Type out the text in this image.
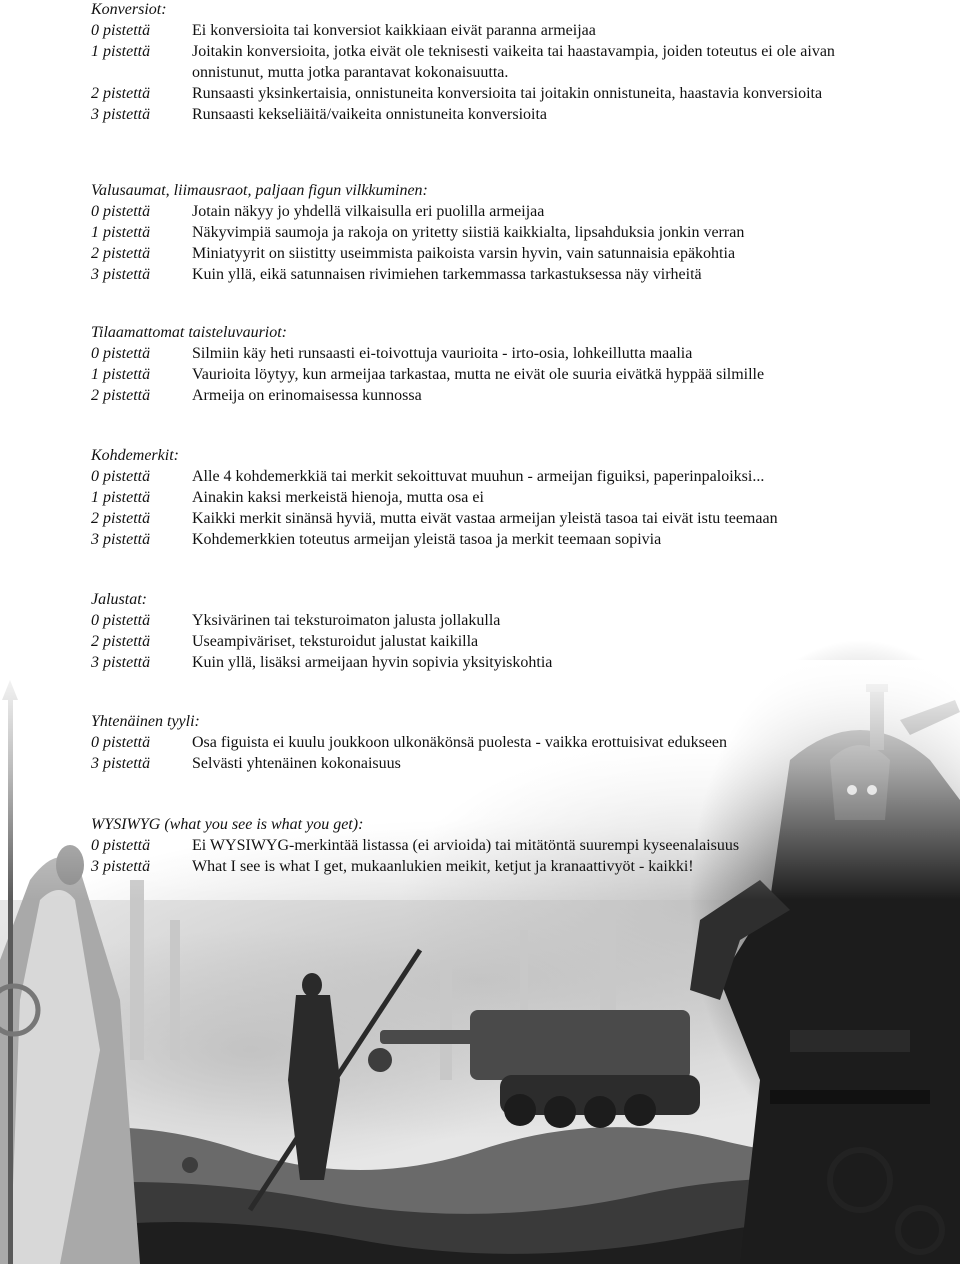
Konversiot:
0 pistettä	Ei konversioita tai konversiot kaikkiaan eivät paranna armeijaa
1 pistettä	Joitakin konversioita, jotka eivät ole teknisesti vaikeita tai haastavampia, joiden toteutus ei ole aivan onnistunut, mutta jotka parantavat kokonaisuutta.
2 pistettä	Runsaasti yksinkertaisia, onnistuneita konversioita tai joitakin onnistuneita, haastavia konversioita
3 pistettä	Runsaasti kekseliäitä/vaikeita onnistuneita konversioita
Valusaumat, liimausraot, paljaan figun vilkkuminen:
0 pistettä	Jotain näkyy jo yhdellä vilkaisulla eri puolilla armeijaa
1 pistettä	Näkyvimpiä saumoja ja rakoja on yritetty siistiä kaikkialta, lipsahduksia jonkin verran
2 pistettä	Miniatyyrit on siistitty useimmista paikoista varsin hyvin, vain satunnaisia epäkohtia
3 pistettä	Kuin yllä, eikä satunnaisen rivimiehen tarkemmassa tarkastuksessa näy virheitä
Tilaamattomat taisteluvauriot:
0 pistettä	Silmiin käy heti runsaasti ei-toivottuja vaurioita - irto-osia, lohkeillutta maalia
1 pistettä	Vaurioita löytyy, kun armeijaa tarkastaa, mutta ne eivät ole suuria eivätkä hyppää silmille
2 pistettä	Armeija on erinomaisessa kunnossa
Kohdemerkit:
0 pistettä	Alle 4 kohdemerkkiä tai merkit sekoittuvat muuhun - armeijan figuiksi, paperinpaloiksi...
1 pistettä	Ainakin kaksi merkeistä hienoja, mutta osa ei
2 pistettä	Kaikki merkit sinänsä hyviä, mutta eivät vastaa armeijan yleistä tasoa tai eivät istu teemaan
3 pistettä	Kohdemerkkien toteutus armeijan yleistä tasoa ja merkit teemaan sopivia
Jalustat:
0 pistettä	Yksivärinen tai teksturoimaton jalusta jollakulla
2 pistettä	Useampiväriset, teksturoidut jalustat kaikilla
3 pistettä	Kuin yllä, lisäksi armeijaan hyvin sopivia yksityiskohtia
Yhtenäinen tyyli:
0 pistettä	Osa figuista ei kuulu joukkoon ulkonäkönsä puolesta - vaikka erottuisivat edukseen
3 pistettä	Selvästi yhtenäinen kokonaisuus
WYSIWYG (what you see is what you get):
0 pistettä	Ei WYSIWYG-merkintää listassa (ei arvioida) tai mitätöntä suurempi kyseenalaisuus
3 pistettä	What I see is what I get, mukaanlukien meikit, ketjut ja kranaattivyöt - kaikki!
